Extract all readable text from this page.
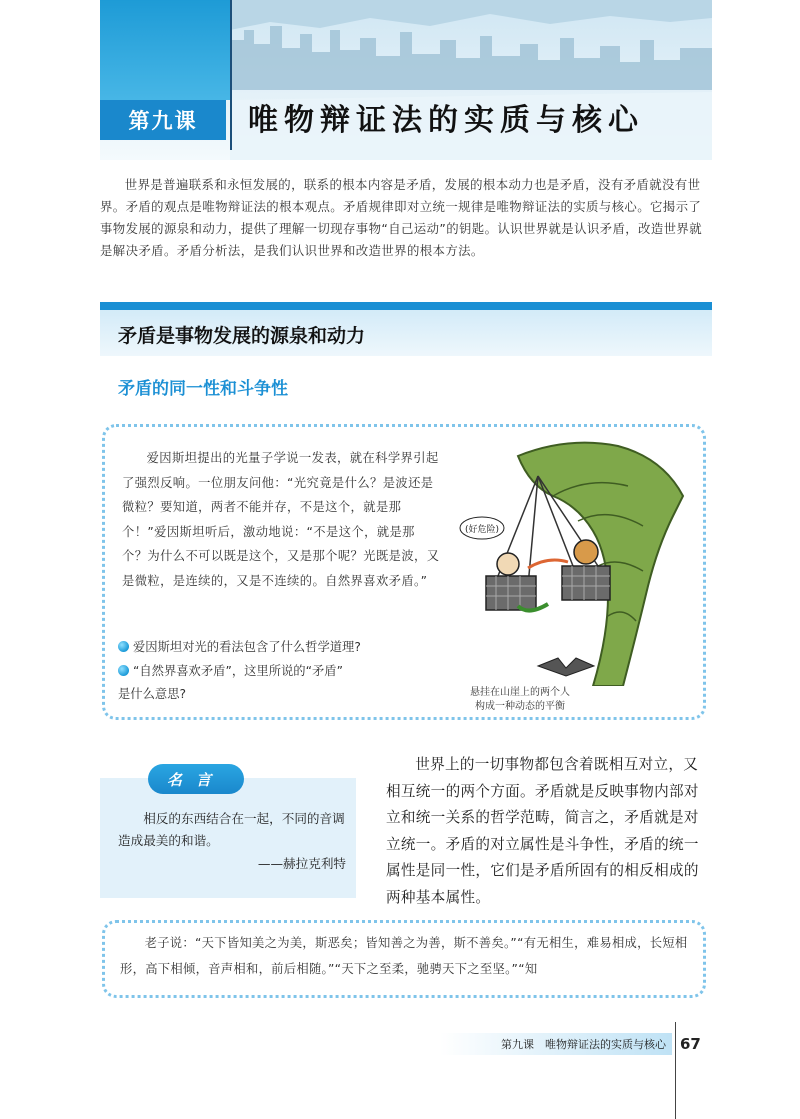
第九课	唯物辩证法的实质与核心
世界是普遍联系和永恒发展的，联系的根本内容是矛盾，发展的根本动力也是矛盾，没有矛盾就没有世界。矛盾的观点是唯物辩证法的根本观点。矛盾规律即对立统一规律是唯物辩证法的实质与核心。它揭示了事物发展的源泉和动力，提供了理解一切现存事物“自己运动”的钥匙。认识世界就是认识矛盾，改造世界就是解决矛盾。矛盾分析法，是我们认识世界和改造世界的根本方法。
矛盾是事物发展的源泉和动力
矛盾的同一性和斗争性
爱因斯坦提出的光量子学说一发表，就在科学界引起了强烈反响。一位朋友问他：“光究竟是什么？是波还是微粒？要知道，两者不能并存，不是这个，就是那个！”爱因斯坦听后，激动地说：“不是这个，就是那个？为什么不可以既是这个，又是那个呢？光既是波，又是微粒，是连续的，又是不连续的。自然界喜欢矛盾。”
爱因斯坦对光的看法包含了什么哲学道理?
“自然界喜欢矛盾”，这里所说的“矛盾”
是什么意思?
(好危险)
悬挂在山崖上的两个人
构成一种动态的平衡
名言
相反的东西结合在一起，不同的音调造成最美的和谐。
——赫拉克利特
世界上的一切事物都包含着既相互对立，又相互统一的两个方面。矛盾就是反映事物内部对立和统一关系的哲学范畴，简言之，矛盾就是对立统一。矛盾的对立属性是斗争性，矛盾的统一属性是同一性，它们是矛盾所固有的相反相成的两种基本属性。
老子说：“天下皆知美之为美，斯恶矣；皆知善之为善，斯不善矣。”“有无相生，难易相成，长短相形，高下相倾，音声相和，前后相随。”“天下之至柔，驰骋天下之至坚。”“知
第九课　唯物辩证法的实质与核心 67
